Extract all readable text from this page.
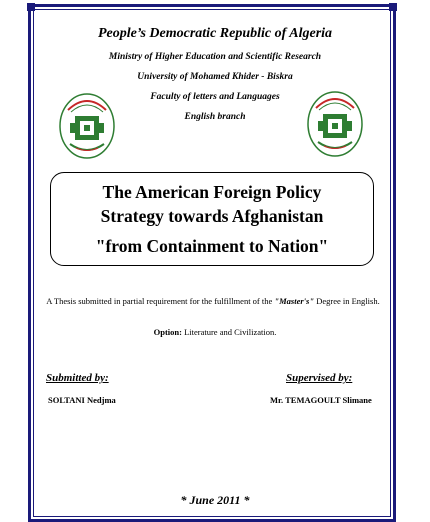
People’s Democratic Republic of Algeria
Ministry of Higher Education and Scientific Research
University of Mohamed Khider - Biskra
Faculty of letters and Languages
English branch
The American Foreign Policy
Strategy towards Afghanistan
"from Containment to Nation"
A Thesis submitted in partial requirement for the fulfillment of the "Master's" Degree in English.
Option: Literature and Civilization.
Submitted by:	Supervised by:
SOLTANI Nedjma	Mr. TEMAGOULT Slimane
* June 2011 *
